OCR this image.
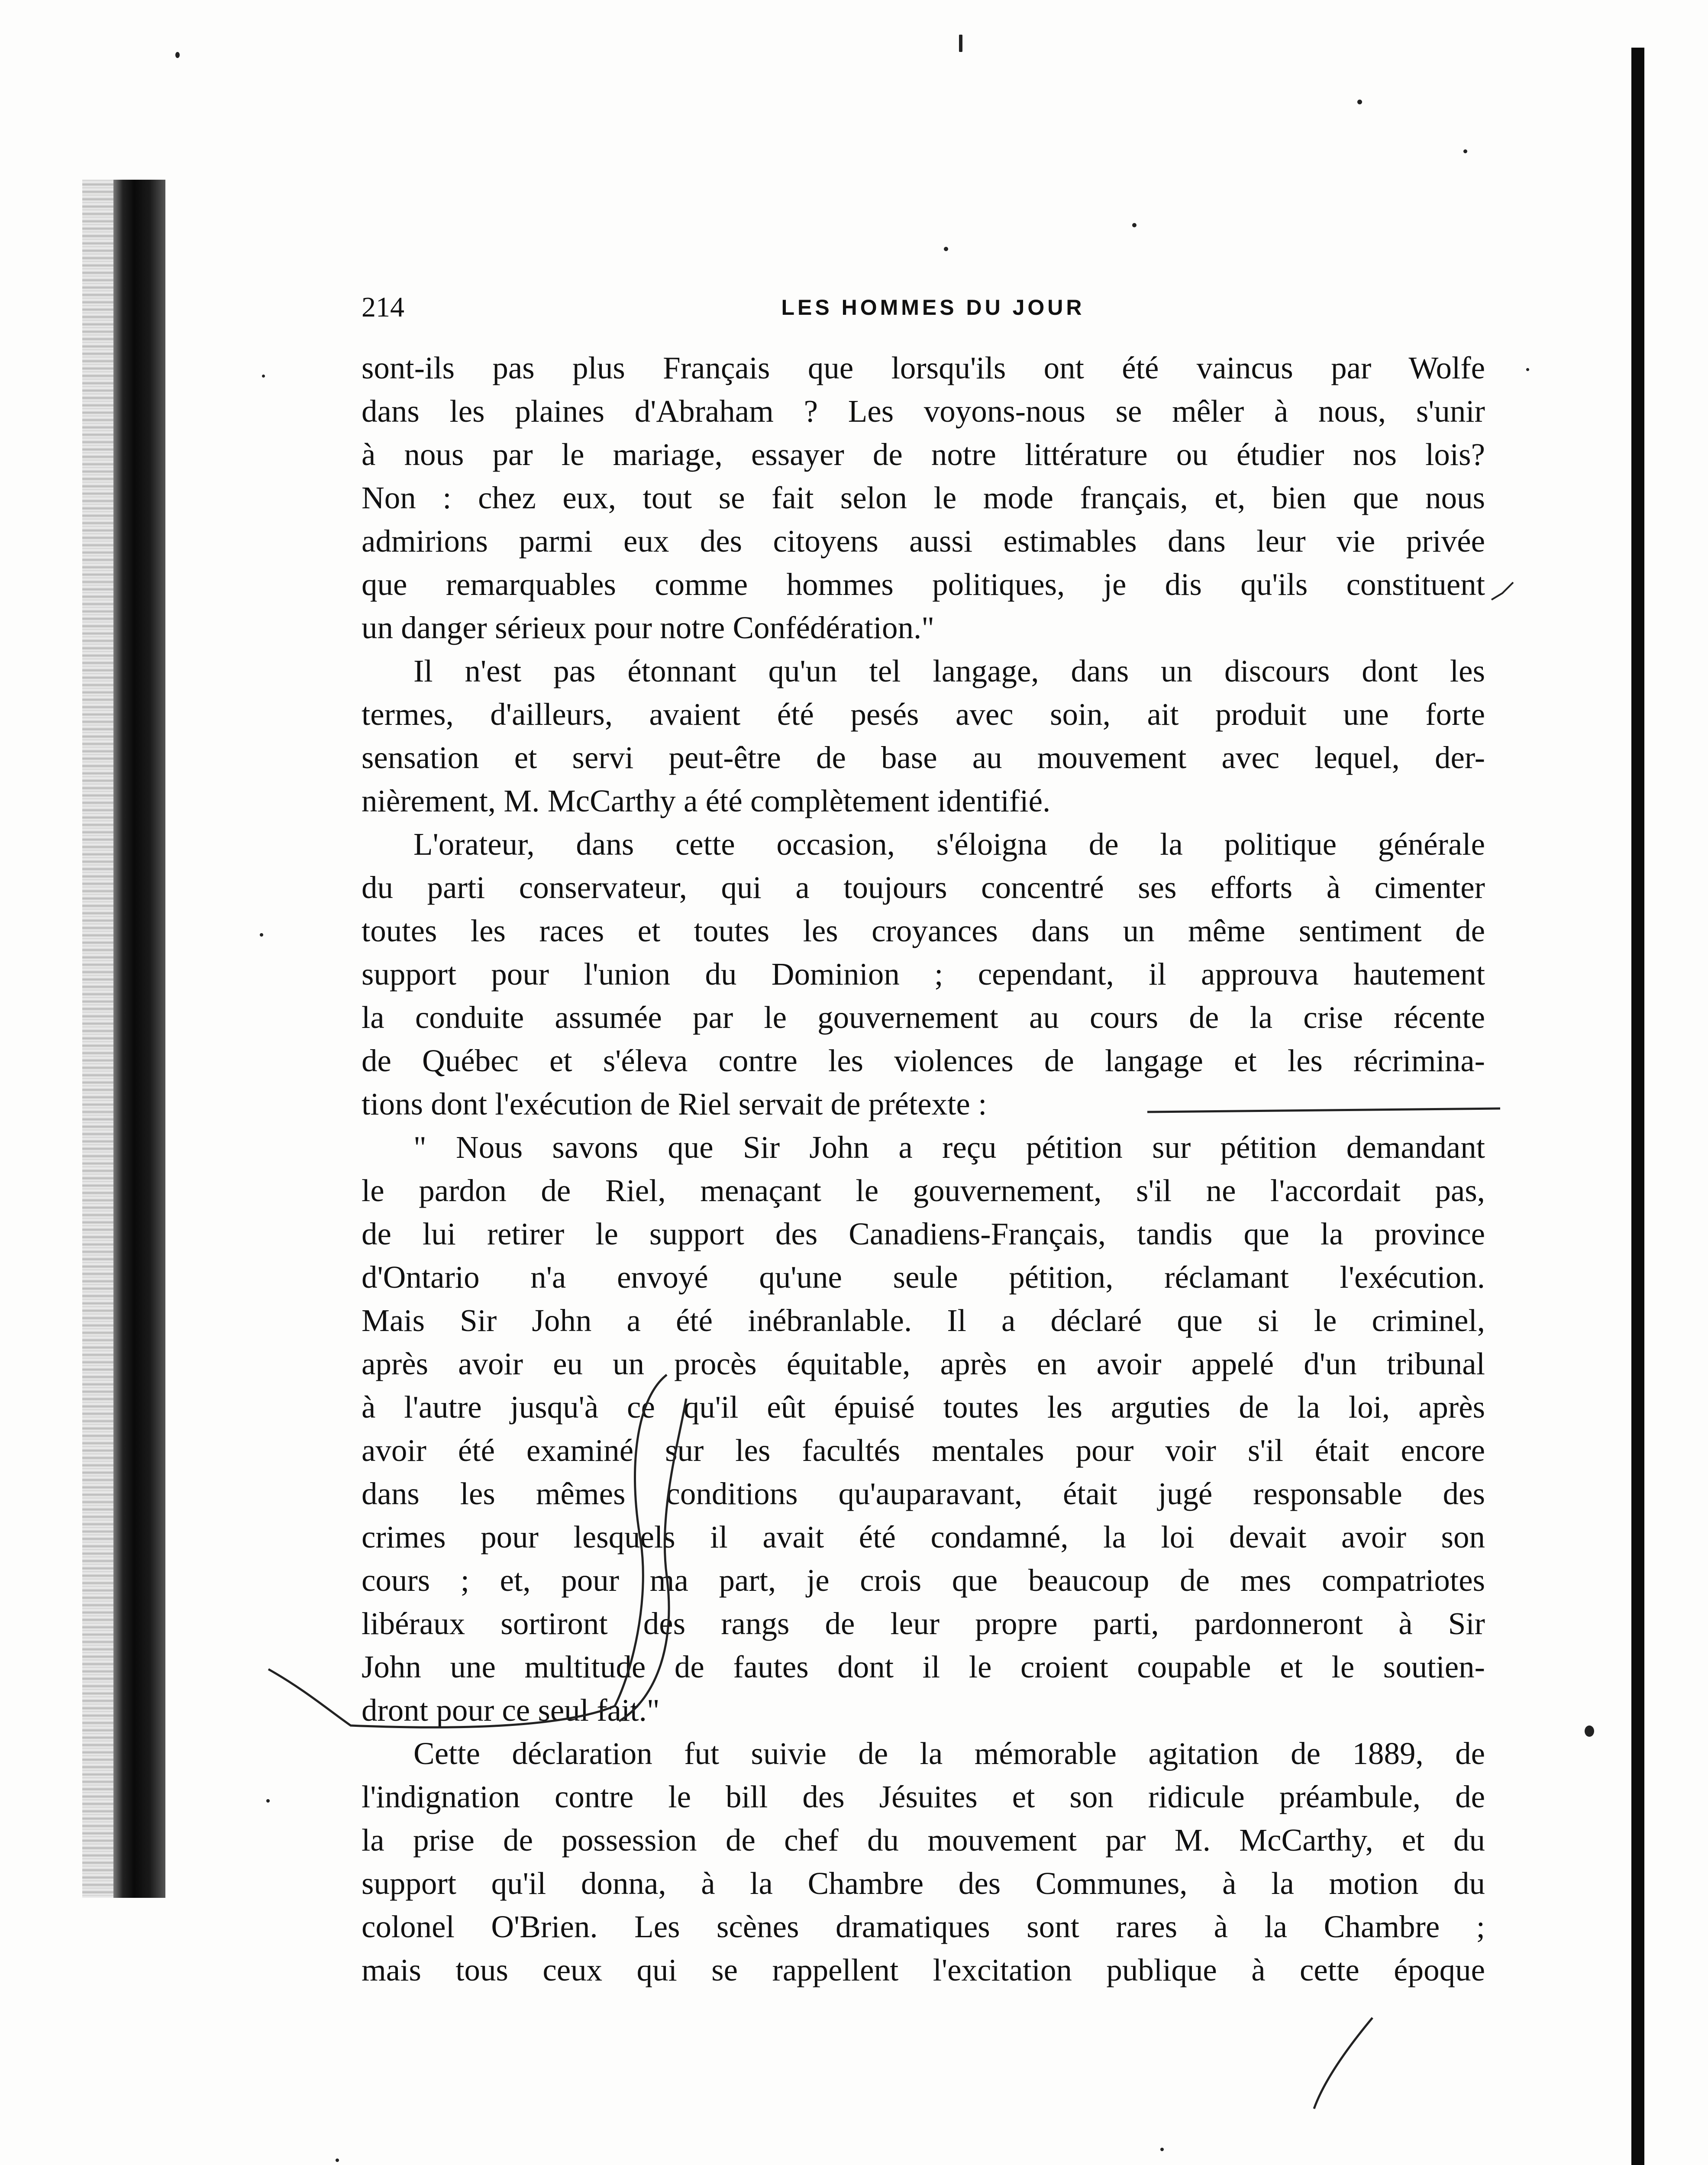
214	LES HOMMES DU JOUR
sont-ils pas plus Français que lorsqu'ils ont été vaincus par Wolfe
dans les plaines d'Abraham ? Les voyons-nous se mêler à nous, s'unir
à nous par le mariage, essayer de notre littérature ou étudier nos lois?
Non : chez eux, tout se fait selon le mode français, et, bien que nous
admirions parmi eux des citoyens aussi estimables dans leur vie privée
que remarquables comme hommes politiques, je dis qu'ils constituent
un danger sérieux pour notre Confédération."
Il n'est pas étonnant qu'un tel langage, dans un discours dont les
termes, d'ailleurs, avaient été pesés avec soin, ait produit une forte
sensation et servi peut-être de base au mouvement avec lequel, der-
nièrement, M. McCarthy a été complètement identifié.
L'orateur, dans cette occasion, s'éloigna de la politique générale
du parti conservateur, qui a toujours concentré ses efforts à cimenter
toutes les races et toutes les croyances dans un même sentiment de
support pour l'union du Dominion ; cependant, il approuva hautement
la conduite assumée par le gouvernement au cours de la crise récente
de Québec et s'éleva contre les violences de langage et les récrimina-
tions dont l'exécution de Riel servait de prétexte :
" Nous savons que Sir John a reçu pétition sur pétition demandant
le pardon de Riel, menaçant le gouvernement, s'il ne l'accordait pas,
de lui retirer le support des Canadiens-Français, tandis que la province
d'Ontario n'a envoyé qu'une seule pétition, réclamant l'exécution.
Mais Sir John a été inébranlable. Il a déclaré que si le criminel,
après avoir eu un procès équitable, après en avoir appelé d'un tribunal
à l'autre jusqu'à ce qu'il eût épuisé toutes les arguties de la loi, après
avoir été examiné sur les facultés mentales pour voir s'il était encore
dans les mêmes conditions qu'auparavant, était jugé responsable des
crimes pour lesquels il avait été condamné, la loi devait avoir son
cours ; et, pour ma part, je crois que beaucoup de mes compatriotes
libéraux sortiront des rangs de leur propre parti, pardonneront à Sir
John une multitude de fautes dont il le croient coupable et le soutien-
dront pour ce seul fait."
Cette déclaration fut suivie de la mémorable agitation de 1889, de
l'indignation contre le bill des Jésuites et son ridicule préambule, de
la prise de possession de chef du mouvement par M. McCarthy, et du
support qu'il donna, à la Chambre des Communes, à la motion du
colonel O'Brien. Les scènes dramatiques sont rares à la Chambre ;
mais tous ceux qui se rappellent l'excitation publique à cette époque
